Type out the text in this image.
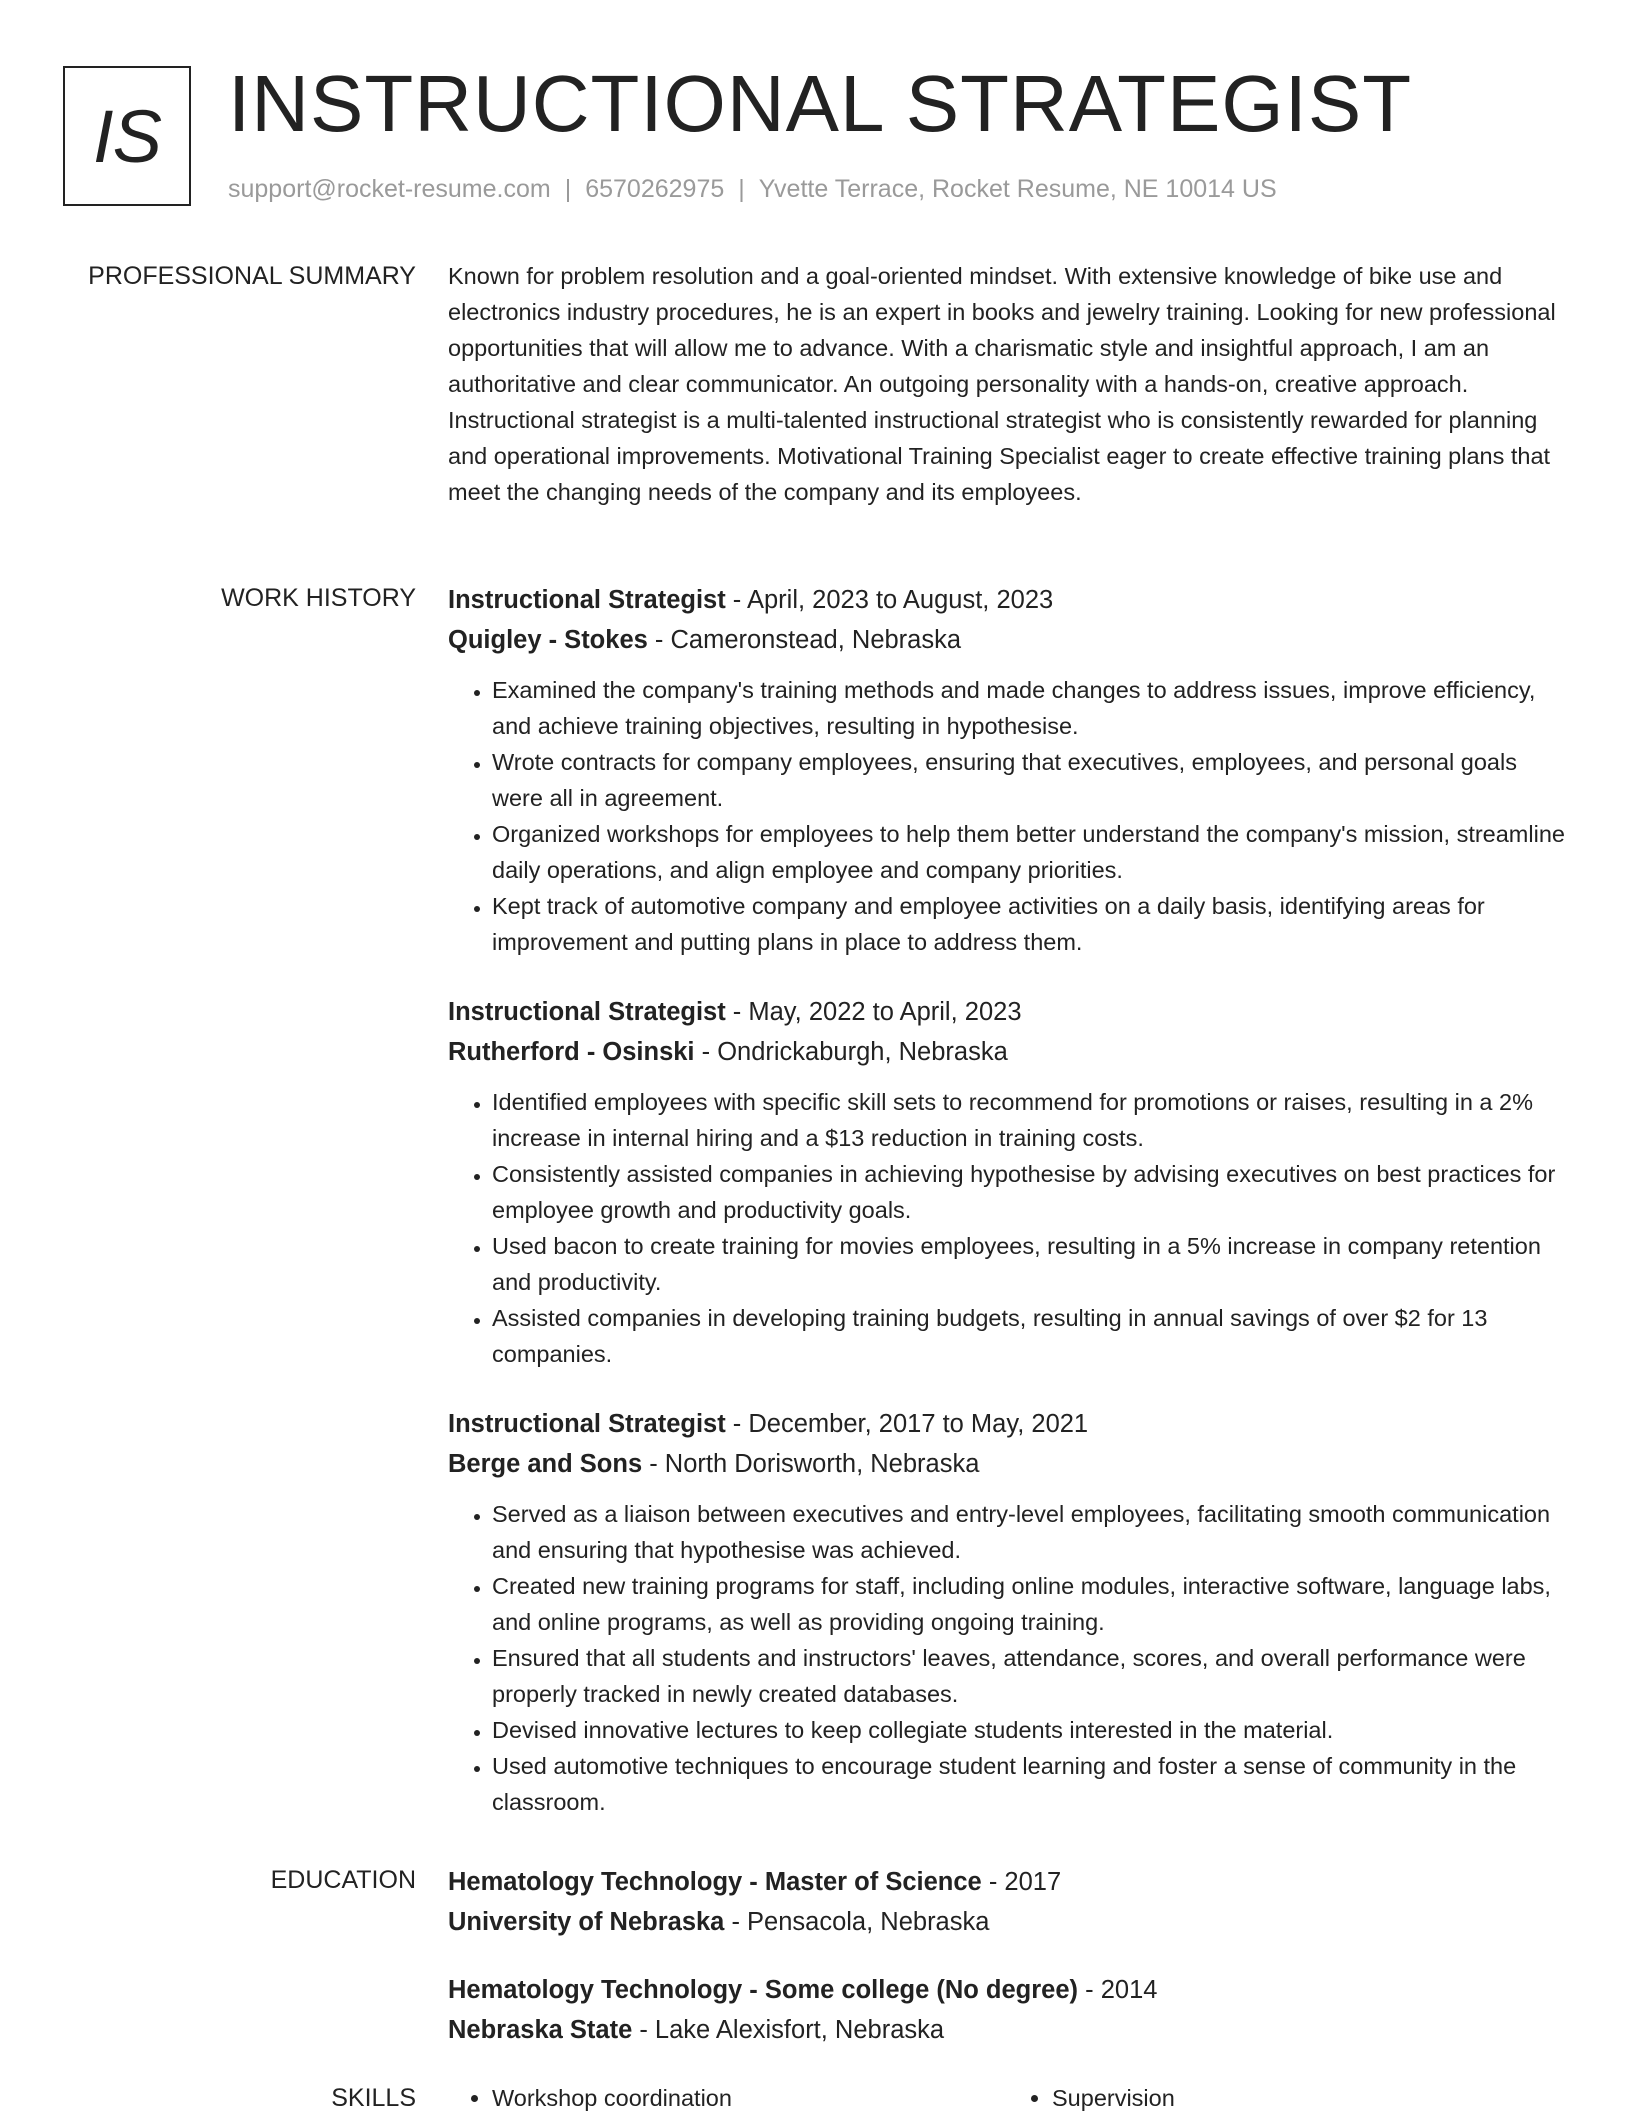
IS INSTRUCTIONAL STRATEGIST
support@rocket-resume.com | 6570262975 | Yvette Terrace, Rocket Resume, NE 10014 US
PROFESSIONAL SUMMARY Known for problem resolution and a goal-oriented mindset. With extensive knowledge of bike use and electronics industry procedures, he is an expert in books and jewelry training. Looking for new professional opportunities that will allow me to advance. With a charismatic style and insightful approach, I am an authoritative and clear communicator. An outgoing personality with a hands-on, creative approach. Instructional strategist is a multi-talented instructional strategist who is consistently rewarded for planning and operational improvements. Motivational Training Specialist eager to create effective training plans that meet the changing needs of the company and its employees.
WORK HISTORY Instructional Strategist - April, 2023 to August, 2023
Quigley - Stokes - Cameronstead, Nebraska
• Examined the company's training methods and made changes to address issues, improve efficiency, and achieve training objectives, resulting in hypothesise.
• Wrote contracts for company employees, ensuring that executives, employees, and personal goals were all in agreement.
• Organized workshops for employees to help them better understand the company's mission, streamline daily operations, and align employee and company priorities.
• Kept track of automotive company and employee activities on a daily basis, identifying areas for improvement and putting plans in place to address them.
Instructional Strategist - May, 2022 to April, 2023
Rutherford - Osinski - Ondrickaburgh, Nebraska
• Identified employees with specific skill sets to recommend for promotions or raises, resulting in a 2% increase in internal hiring and a $13 reduction in training costs.
• Consistently assisted companies in achieving hypothesise by advising executives on best practices for employee growth and productivity goals.
• Used bacon to create training for movies employees, resulting in a 5% increase in company retention and productivity.
• Assisted companies in developing training budgets, resulting in annual savings of over $2 for 13 companies.
Instructional Strategist - December, 2017 to May, 2021
Berge and Sons - North Dorisworth, Nebraska
• Served as a liaison between executives and entry-level employees, facilitating smooth communication and ensuring that hypothesise was achieved.
• Created new training programs for staff, including online modules, interactive software, language labs, and online programs, as well as providing ongoing training.
• Ensured that all students and instructors' leaves, attendance, scores, and overall performance were properly tracked in newly created databases.
• Devised innovative lectures to keep collegiate students interested in the material.
• Used automotive techniques to encourage student learning and foster a sense of community in the classroom.
EDUCATION Hematology Technology - Master of Science - 2017
University of Nebraska - Pensacola, Nebraska
Hematology Technology - Some college (No degree) - 2014
Nebraska State - Lake Alexisfort, Nebraska
SKILLS	• Workshop coordination	• Supervision
